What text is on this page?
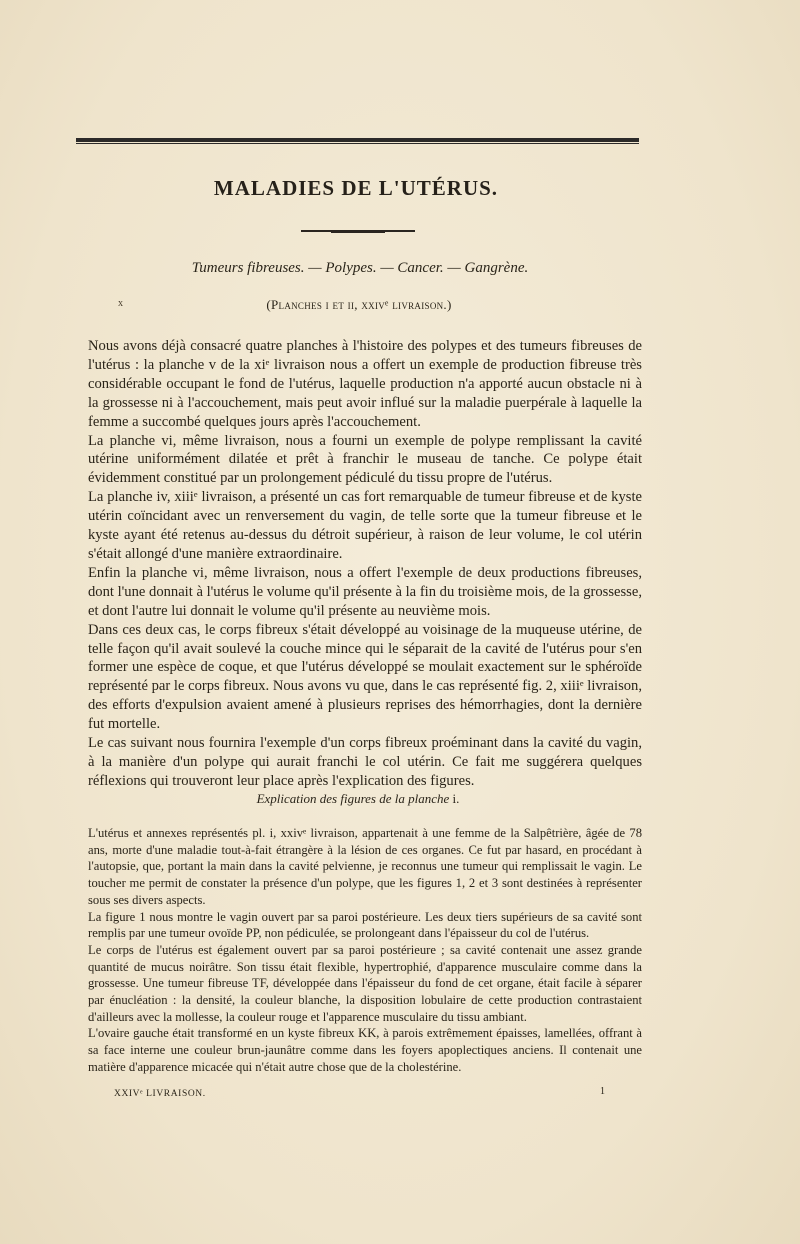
MALADIES DE L'UTÉRUS.
Tumeurs fibreuses. — Polypes. — Cancer. — Gangrène.
x	(Planches i et ii, xxivᵉ livraison.)

Nous avons déjà consacré quatre planches à l'histoire des polypes et des tumeurs fibreuses de l'utérus : la planche v de la xiᵉ livraison nous a offert un exemple de production fibreuse très considérable occupant le fond de l'utérus, laquelle production n'a apporté aucun obstacle ni à la grossesse ni à l'accouchement, mais peut avoir influé sur la maladie puerpérale à laquelle la femme a succombé quelques jours après l'accouchement.

La planche vi, même livraison, nous a fourni un exemple de polype remplissant la cavité utérine uniformément dilatée et prêt à franchir le museau de tanche. Ce polype était évidemment constitué par un prolongement pédiculé du tissu propre de l'utérus.

La planche iv, xiiiᵉ livraison, a présenté un cas fort remarquable de tumeur fibreuse et de kyste utérin coïncidant avec un renversement du vagin, de telle sorte que la tumeur fibreuse et le kyste ayant été retenus au-dessus du détroit supérieur, à raison de leur volume, le col utérin s'était allongé d'une manière extraordinaire.

Enfin la planche vi, même livraison, nous a offert l'exemple de deux productions fibreuses, dont l'une donnait à l'utérus le volume qu'il présente à la fin du troisième mois, de la grossesse, et dont l'autre lui donnait le volume qu'il présente au neuvième mois.

Dans ces deux cas, le corps fibreux s'était développé au voisinage de la muqueuse utérine, de telle façon qu'il avait soulevé la couche mince qui le séparait de la cavité de l'utérus pour s'en former une espèce de coque, et que l'utérus développé se moulait exactement sur le sphéroïde représenté par le corps fibreux. Nous avons vu que, dans le cas représenté fig. 2, xiiiᵉ livraison, des efforts d'expulsion avaient amené à plusieurs reprises des hémorrhagies, dont la dernière fut mortelle.

Le cas suivant nous fournira l'exemple d'un corps fibreux proéminant dans la cavité du vagin, à la manière d'un polype qui aurait franchi le col utérin. Ce fait me suggérera quelques réflexions qui trouveront leur place après l'explication des figures.

Explication des figures de la planche i.

L'utérus et annexes représentés pl. i, xxivᵉ livraison, appartenait à une femme de la Salpêtrière, âgée de 78 ans, morte d'une maladie tout-à-fait étrangère à la lésion de ces organes. Ce fut par hasard, en procédant à l'autopsie, que, portant la main dans la cavité pelvienne, je reconnus une tumeur qui remplissait le vagin. Le toucher me permit de constater la présence d'un polype, que les figures 1, 2 et 3 sont destinées à représenter sous ses divers aspects.

La figure 1 nous montre le vagin ouvert par sa paroi postérieure. Les deux tiers supérieurs de sa cavité sont remplis par une tumeur ovoïde PP, non pédiculée, se prolongeant dans l'épaisseur du col de l'utérus.

Le corps de l'utérus est également ouvert par sa paroi postérieure ; sa cavité contenait une assez grande quantité de mucus noirâtre. Son tissu était flexible, hypertrophié, d'apparence musculaire comme dans la grossesse. Une tumeur fibreuse TF, développée dans l'épaisseur du fond de cet organe, était facile à séparer par énucléation : la densité, la couleur blanche, la disposition lobulaire de cette production contrastaient d'ailleurs avec la mollesse, la couleur rouge et l'apparence musculaire du tissu ambiant.

L'ovaire gauche était transformé en un kyste fibreux KK, à parois extrêmement épaisses, lamellées, offrant à sa face interne une couleur brun-jaunâtre comme dans les foyers apoplectiques anciens. Il contenait une matière d'apparence micacée qui n'était autre chose que de la cholestérine.

XXIVᵉ LIVRAISON.	1
